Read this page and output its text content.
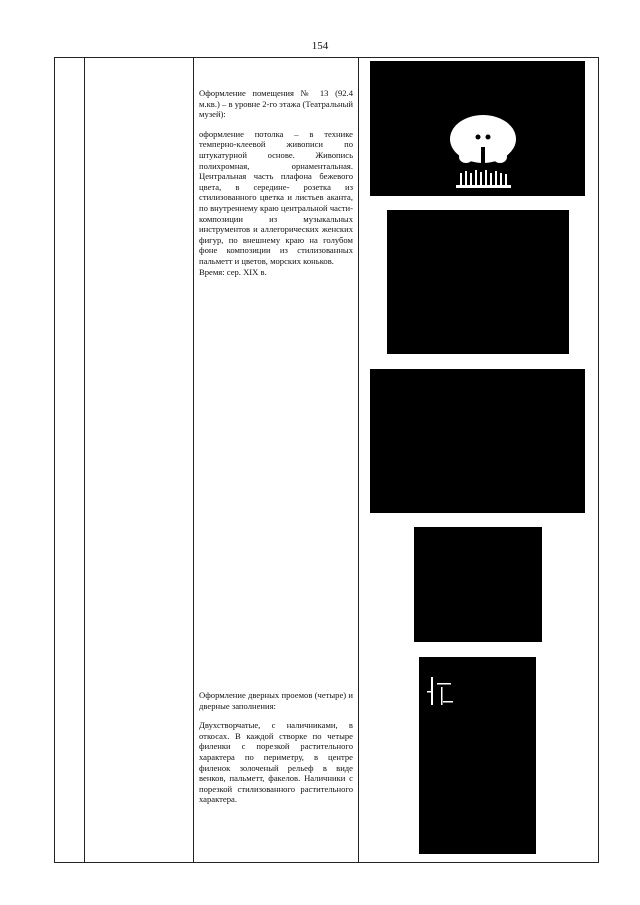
154

Оформление помещения № 13 (92.4 м.кв.) – в уровне 2-го этажа (Театральный музей):

оформление потолка – в технике темперно-клеевой живописи по штукатурной основе. Живопись полихромная, орнаментальная. Центральная часть плафона бежевого цвета, в середине- розетка из стилизованного цветка и листьев аканта, по внутреннему краю центральной части- композиции из музыкальных инструментов и аллегорических женских фигур, по внешнему краю на голубом фоне композиции из стилизованных пальметт и цветов, морских коньков.

Время: сер. XIX в.

Оформление дверных проемов (четыре) и дверные заполнения:

Двухстворчатые, с наличниками, в откосах. В каждой створке по четыре филенки с порезкой растительного характера по периметру, в центре филенок золоченый рельеф в виде венков, пальметт, факелов. Наличники с порезкой стилизованного растительного характера.
